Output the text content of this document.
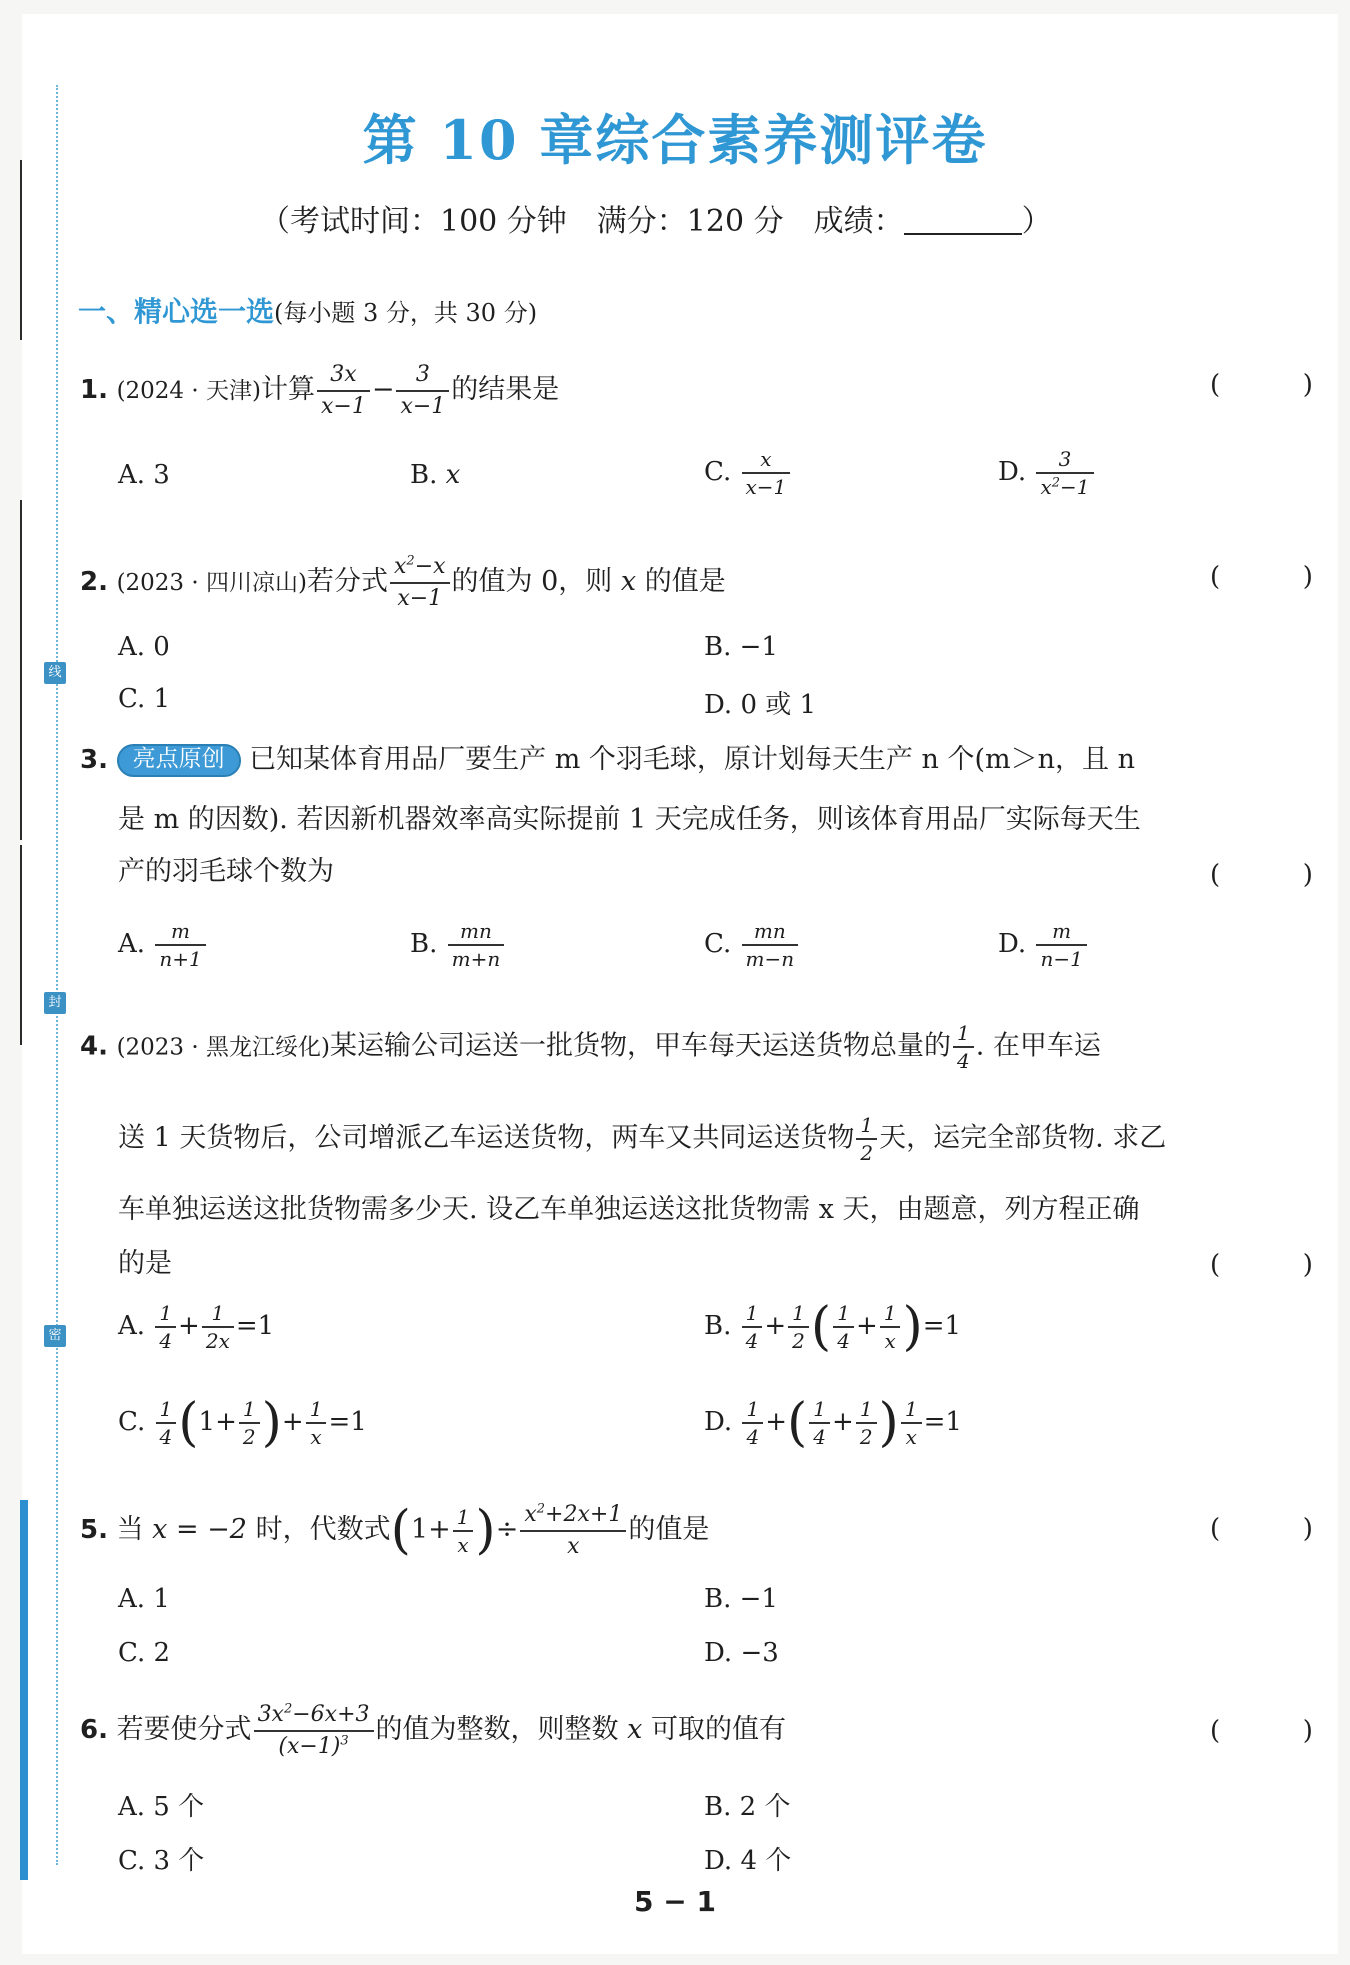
线
封
密
第 10 章综合素养测评卷
（考试时间：100 分钟　满分：120 分　成绩：	）
一、精心选一选(每小题 3 分，共 30 分)
1. (2024 · 天津)计算 $\frac{3x}{x-1} - \frac{3}{x-1}$ 的结果是	(          )
A. 3	B. x	C. $\frac{x}{x-1}$	D. $\frac{3}{x^2-1}$
2. (2023 · 四川凉山)若分式 $\frac{x^2-x}{x-1}$ 的值为 0，则 x 的值是	(          )
A. 0	B. −1
C. 1	D. 0 或 1
3. 亮点原创 已知某体育用品厂要生产 m 个羽毛球，原计划每天生产 n 个(m＞n，且 n
是 m 的因数). 若因新机器效率高实际提前 1 天完成任务，则该体育用品厂实际每天生
产的羽毛球个数为	(          )
A. $\frac{m}{n+1}$	B. $\frac{mn}{m+n}$	C. $\frac{mn}{m-n}$	D. $\frac{m}{n-1}$
4. (2023 · 黑龙江绥化)某运输公司运送一批货物，甲车每天运送货物总量的 $\frac{1}{4}$ . 在甲车运
送 1 天货物后，公司增派乙车运送货物，两车又共同运送货物 $\frac{1}{2}$ 天，运完全部货物. 求乙
车单独运送这批货物需多少天. 设乙车单独运送这批货物需 x 天，由题意，列方程正确
的是	(          )
A. $\frac{1}{4} + \frac{1}{2x} =1$	B. $\frac{1}{4} + \frac{1}{2}$ ( $\frac{1}{4} + \frac{1}{x} )=1$
C. $\frac{1}{4} (1+ \frac{1}{2}$ )+ $\frac{1}{x} =1$	D. $\frac{1}{4}$ +( $\frac{1}{4} + \frac{1}{2}$ ) $\frac{1}{x} =1$
5. 当 x = −2 时，代数式($1+ \frac{1}{x}$ )÷ $\frac{x^2+2x+1}{x}$ 的值是	(          )
A. 1	B. −1
C. 2	D. −3
6. 若要使分式 $\frac{3x^2-6x+3}{(x-1)^3}$ 的值为整数，则整数 x 可取的值有	(          )
A. 5 个	B. 2 个
C. 3 个	D. 4 个
5 − 1
